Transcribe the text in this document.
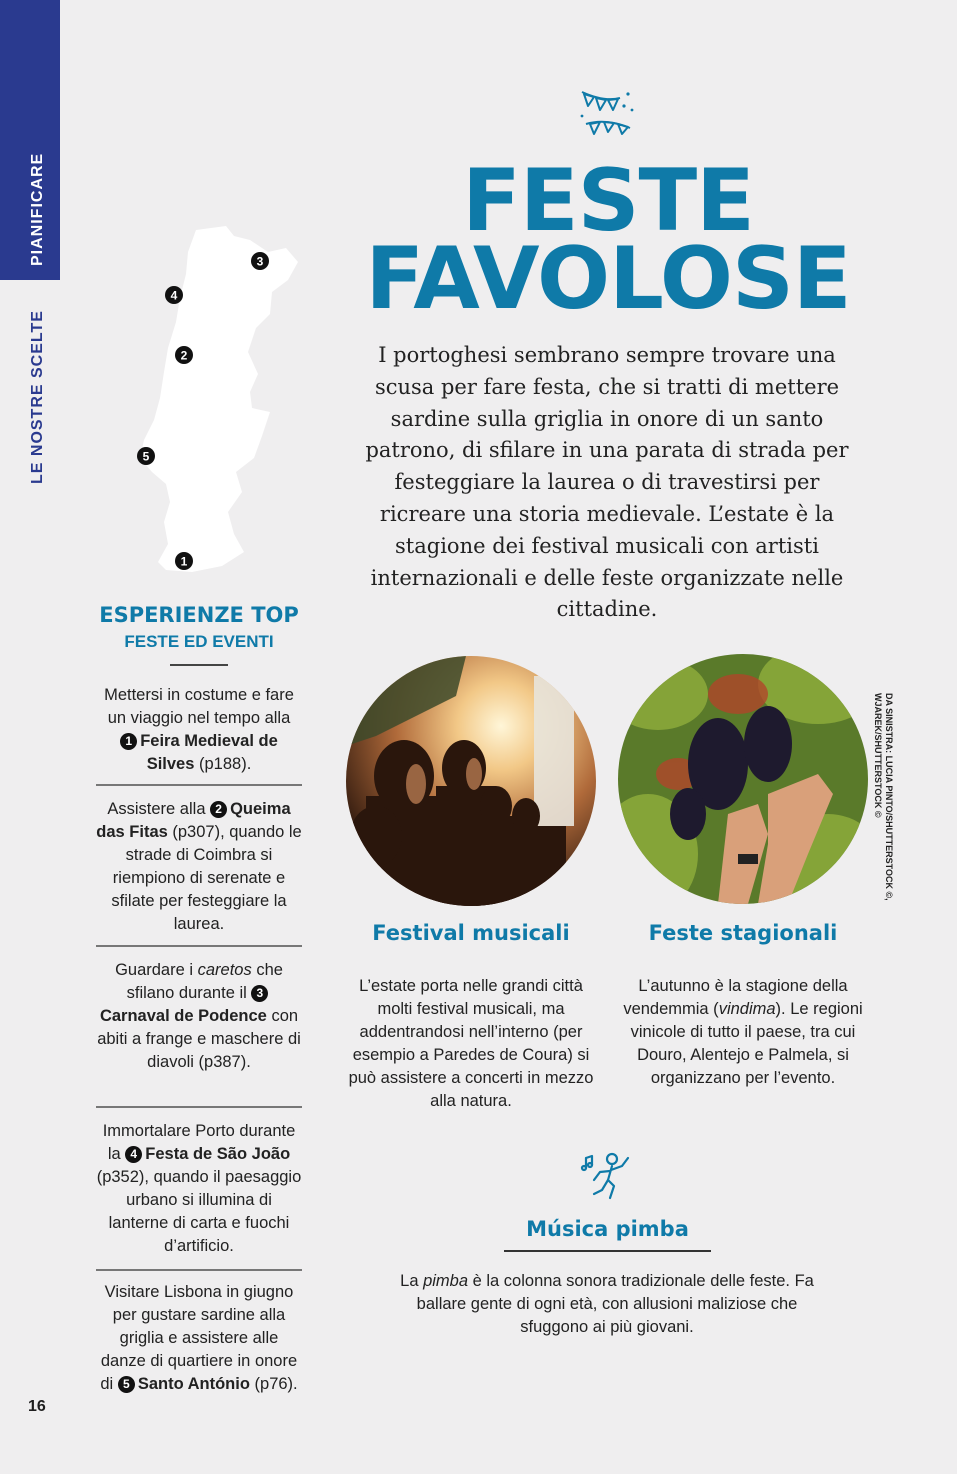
PIANIFICARE
LE NOSTRE SCELTE
16
FESTE
FAVOLOSE
I portoghesi sembrano sempre trovare una scusa per fare festa, che si tratti di mettere sardine sulla griglia in onore di un santo patrono, di sfilare in una parata di strada per festeggiare la laurea o di travestirsi per ricreare una storia medievale. L’estate è la stagione dei festival musicali con artisti internazionali e delle feste organizzate nelle cittadine.
3
4
2
5
1
ESPERIENZE TOP
FESTE ED EVENTI
Mettersi in costume e fare un viaggio nel tempo alla 1 Feira Medieval de Silves (p188).
Assistere alla 2 Queima das Fitas (p307), quando le strade di Coimbra si riempiono di serenate e sfilate per festeggiare la laurea.
Guardare i caretos che sfilano durante il 3Carnaval de Podence con abiti a frange e maschere di diavoli (p387).
Immortalare Porto durante la 4 Festa de São João (p352), quando il paesaggio urbano si illumina di lanterne di carta e fuochi d’artificio.
Visitare Lisbona in giugno per gustare sardine alla griglia e assistere alle danze di quartiere in onore di 5 Santo António (p76).
DA SINISTRA: LUCIA PINTO/SHUTTERSTOCK ©,
WJAREK/SHUTTERSTOCK ©
Festival musicali
L’estate porta nelle grandi città molti festival musicali, ma addentrandosi nell’interno (per esempio a Paredes de Coura) si può assistere a concerti in mezzo alla natura.
Feste stagionali
L’autunno è la stagione della vendemmia (vindima). Le regioni vinicole di tutto il paese, tra cui Douro, Alentejo e Palmela, si organizzano per l’evento.
Música pimba
La pimba è la colonna sonora tradizionale delle feste. Fa ballare gente di ogni età, con allusioni maliziose che sfuggono ai più giovani.
